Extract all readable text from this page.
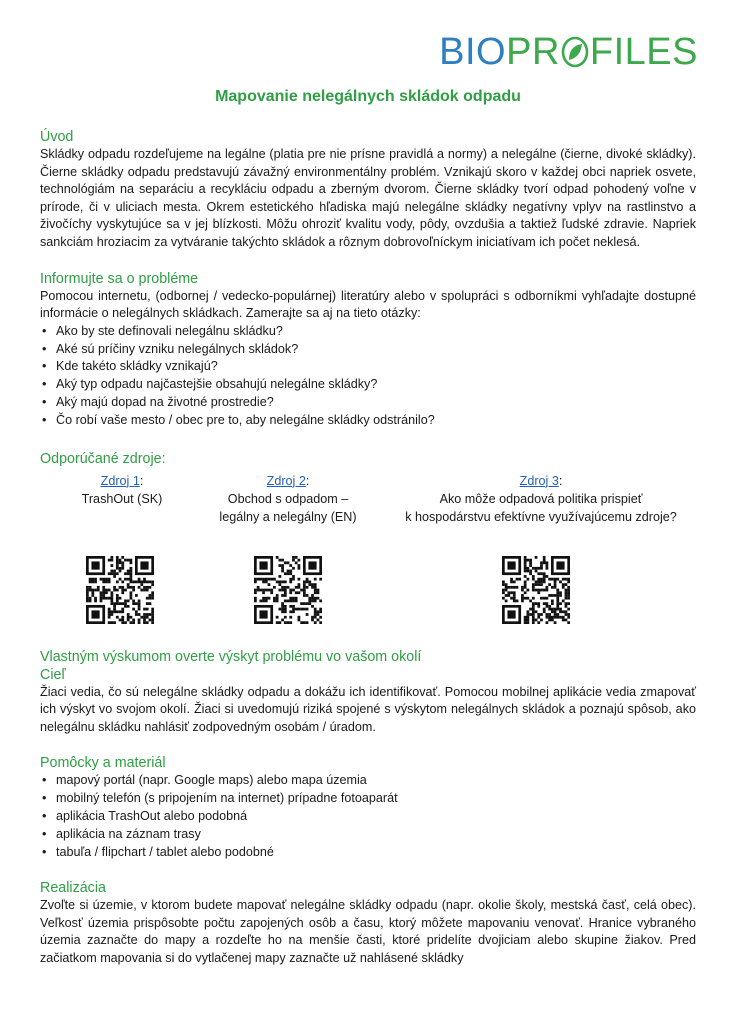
BIO PR FILES
Mapovanie nelegálnych skládok odpadu
Úvod

Skládky odpadu rozdeľujeme na legálne (platia pre nie prísne pravidlá a normy) a nelegálne (čierne, divoké skládky). Čierne skládky odpadu predstavujú závažný environmentálny problém. Vznikajú skoro v každej obci napriek osvete, technológiám na separáciu a recykláciu odpadu a zberným dvorom. Čierne skládky tvorí odpad pohodený voľne v prírode, či v uliciach mesta. Okrem estetického hľadiska majú nelegálne skládky negatívny vplyv na rastlinstvo a živočíchy vyskytujúce sa v jej blízkosti. Môžu ohroziť kvalitu vody, pôdy, ovzdušia a taktiež ľudské zdravie. Napriek sankciám hroziacim za vytváranie takýchto skládok a rôznym dobrovoľníckym iniciatívam ich počet neklesá.

Informujte sa o probléme

Pomocou internetu, (odbornej / vedecko-populárnej) literatúry alebo v spolupráci s odborníkmi vyhľadajte dostupné informácie o nelegálnych skládkach. Zamerajte sa aj na tieto otázky:

• Ako by ste definovali nelegálnu skládku?
• Aké sú príčiny vzniku nelegálnych skládok?
• Kde takéto skládky vznikajú?
• Aký typ odpadu najčastejšie obsahujú nelegálne skládky?
• Aký majú dopad na životné prostredie?
• Čo robí vaše mesto / obec pre to, aby nelegálne skládky odstránilo?
Odporúčané zdroje:
Zdroj 1:
TrashOut (SK)
Zdroj 2:
Obchod s odpadom –
legálny a nelegálny (EN)
Zdroj 3:
Ako môže odpadová politika prispieť
k hospodárstvu efektívne využívajúcemu zdroje?
Vlastným výskumom overte výskyt problému vo vašom okolí
Cieľ

Žiaci vedia, čo sú nelegálne skládky odpadu a dokážu ich identifikovať. Pomocou mobilnej aplikácie vedia zmapovať ich výskyt vo svojom okolí. Žiaci si uvedomujú riziká spojené s výskytom nelegálnych skládok a poznajú spôsob, ako nelegálnu skládku nahlásiť zodpovedným osobám / úradom.

Pomôcky a materiál
• mapový portál (napr. Google maps) alebo mapa územia
• mobilný telefón (s pripojením na internet) prípadne fotoaparát
• aplikácia TrashOut alebo podobná
• aplikácia na záznam trasy
• tabuľa / flipchart / tablet alebo podobné
Realizácia

Zvoľte si územie, v ktorom budete mapovať nelegálne skládky odpadu (napr. okolie školy, mestská časť, celá obec). Veľkosť územia prispôsobte počtu zapojených osôb a času, ktorý môžete mapovaniu venovať. Hranice vybraného územia zaznačte do mapy a rozdeľte ho na menšie časti, ktoré pridelíte dvojiciam alebo skupine žiakov. Pred začiatkom mapovania si do vytlačenej mapy zaznačte už nahlásené skládky
